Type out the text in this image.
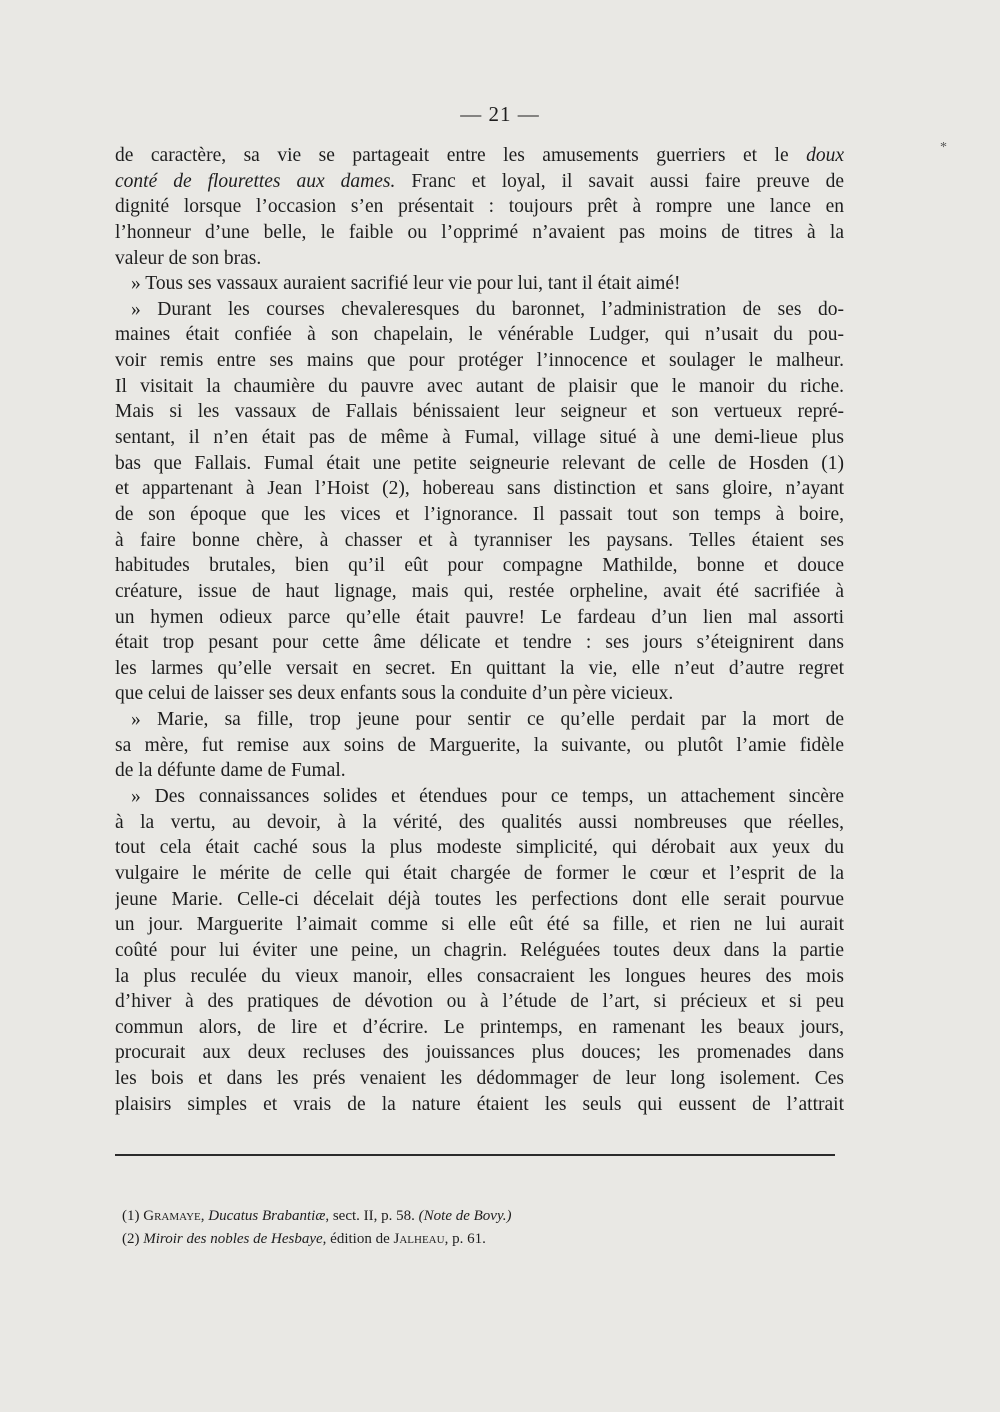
*
— 21 —
de caractère, sa vie se partageait entre les amusements guerriers et le doux
conté de flourettes aux dames. Franc et loyal, il savait aussi faire preuve de
dignité lorsque l’occasion s’en présentait : toujours prêt à rompre une lance en
l’honneur d’une belle, le faible ou l’opprimé n’avaient pas moins de titres à la
valeur de son bras.
» Tous ses vassaux auraient sacrifié leur vie pour lui, tant il était aimé!
» Durant les courses chevaleresques du baronnet, l’administration de ses do-
maines était confiée à son chapelain, le vénérable Ludger, qui n’usait du pou-
voir remis entre ses mains que pour protéger l’innocence et soulager le malheur.
Il visitait la chaumière du pauvre avec autant de plaisir que le manoir du riche.
Mais si les vassaux de Fallais bénissaient leur seigneur et son vertueux repré-
sentant, il n’en était pas de même à Fumal, village situé à une demi-lieue plus
bas que Fallais. Fumal était une petite seigneurie relevant de celle de Hosden (1)
et appartenant à Jean l’Hoist (2), hobereau sans distinction et sans gloire, n’ayant
de son époque que les vices et l’ignorance. Il passait tout son temps à boire,
à faire bonne chère, à chasser et à tyranniser les paysans. Telles étaient ses
habitudes brutales, bien qu’il eût pour compagne Mathilde, bonne et douce
créature, issue de haut lignage, mais qui, restée orpheline, avait été sacrifiée à
un hymen odieux parce qu’elle était pauvre! Le fardeau d’un lien mal assorti
était trop pesant pour cette âme délicate et tendre : ses jours s’éteignirent dans
les larmes qu’elle versait en secret. En quittant la vie, elle n’eut d’autre regret
que celui de laisser ses deux enfants sous la conduite d’un père vicieux.
» Marie, sa fille, trop jeune pour sentir ce qu’elle perdait par la mort de
sa mère, fut remise aux soins de Marguerite, la suivante, ou plutôt l’amie fidèle
de la défunte dame de Fumal.
» Des connaissances solides et étendues pour ce temps, un attachement sincère
à la vertu, au devoir, à la vérité, des qualités aussi nombreuses que réelles,
tout cela était caché sous la plus modeste simplicité, qui dérobait aux yeux du
vulgaire le mérite de celle qui était chargée de former le cœur et l’esprit de la
jeune Marie. Celle-ci décelait déjà toutes les perfections dont elle serait pourvue
un jour. Marguerite l’aimait comme si elle eût été sa fille, et rien ne lui aurait
coûté pour lui éviter une peine, un chagrin. Reléguées toutes deux dans la partie
la plus reculée du vieux manoir, elles consacraient les longues heures des mois
d’hiver à des pratiques de dévotion ou à l’étude de l’art, si précieux et si peu
commun alors, de lire et d’écrire. Le printemps, en ramenant les beaux jours,
procurait aux deux recluses des jouissances plus douces; les promenades dans
les bois et dans les prés venaient les dédommager de leur long isolement. Ces
plaisirs simples et vrais de la nature étaient les seuls qui eussent de l’attrait
(1) Gramaye, Ducatus Brabantiæ, sect. II, p. 58. (Note de Bovy.)
(2) Miroir des nobles de Hesbaye, édition de Jalheau, p. 61.
